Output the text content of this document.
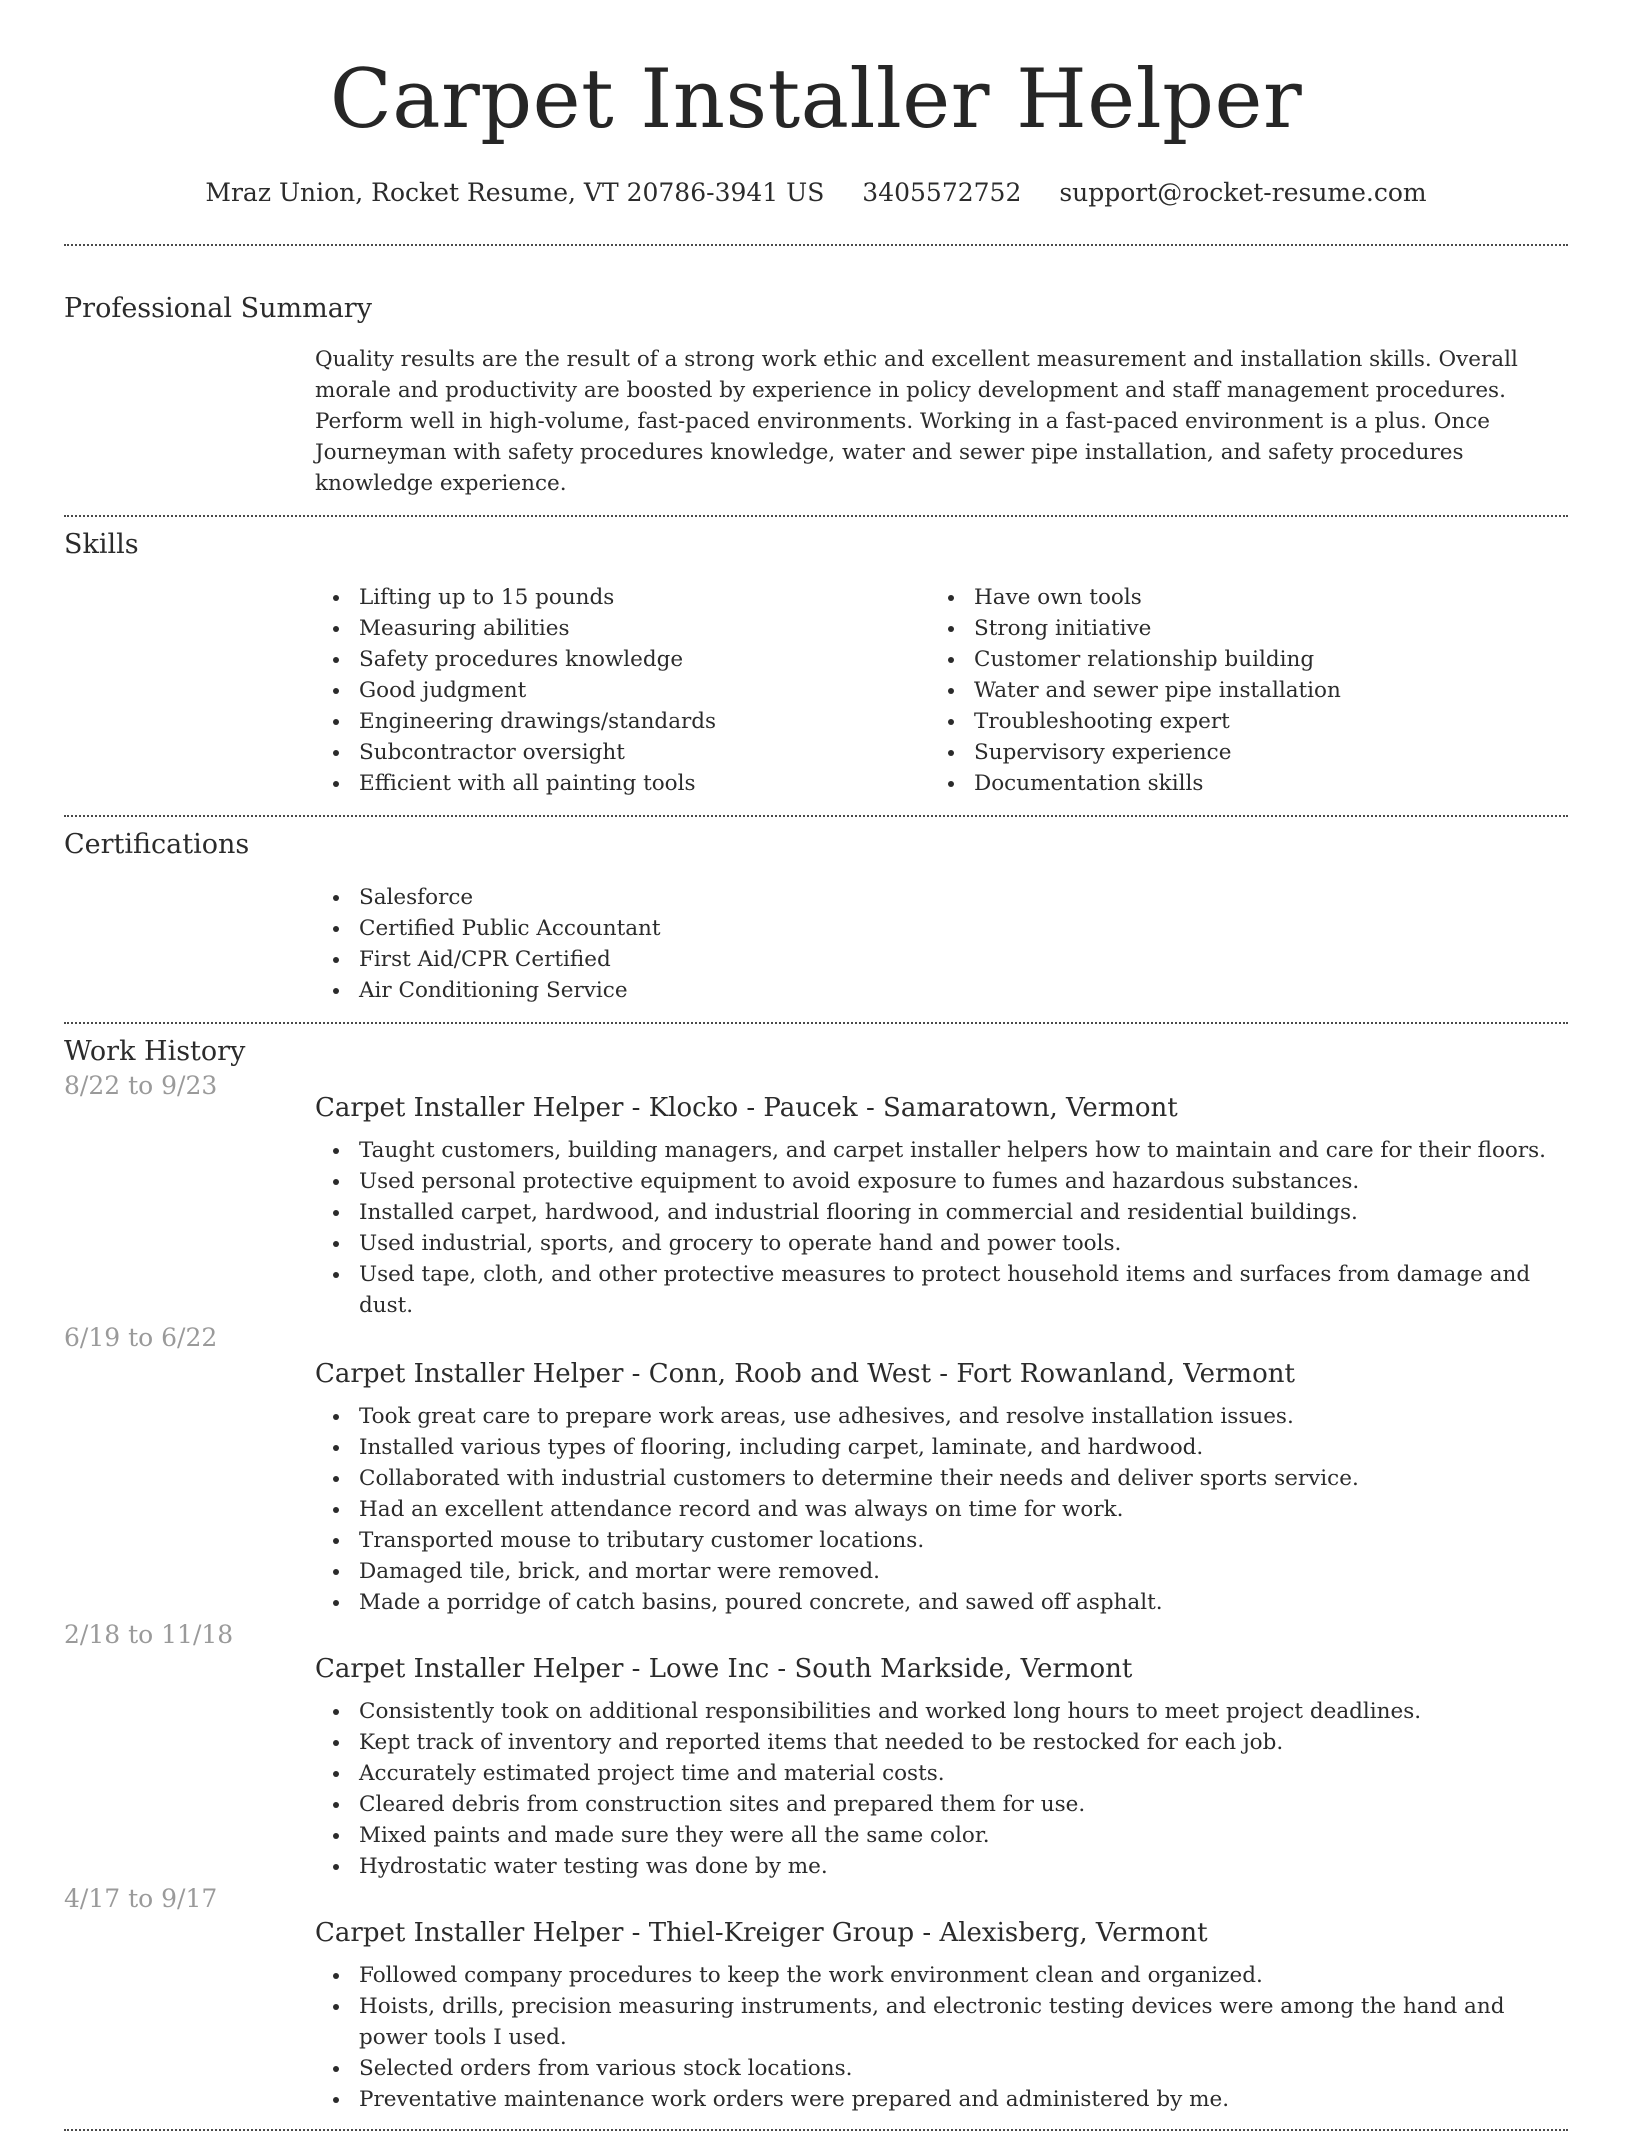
Carpet Installer Helper
Mraz Union, Rocket Resume, VT 20786-3941 US 3405572752 support@rocket-resume.com
Professional Summary

Quality results are the result of a strong work ethic and excellent measurement and installation skills. Overall morale and productivity are boosted by experience in policy development and staff management procedures. Perform well in high-volume, fast-paced environments. Working in a fast-paced environment is a plus. Once Journeyman with safety procedures knowledge, water and sewer pipe installation, and safety procedures knowledge experience.

Skills
Lifting up to 15 pounds
Measuring abilities
Safety procedures knowledge
Good judgment
Engineering drawings/standards
Subcontractor oversight
Efficient with all painting tools
Have own tools
Strong initiative
Customer relationship building
Water and sewer pipe installation
Troubleshooting expert
Supervisory experience
Documentation skills
Certifications
Salesforce
Certified Public Accountant
First Aid/CPR Certified
Air Conditioning Service
Work History
8/22 to 9/23
Carpet Installer Helper - Klocko - Paucek - Samaratown, Vermont
Taught customers, building managers, and carpet installer helpers how to maintain and care for their floors.
Used personal protective equipment to avoid exposure to fumes and hazardous substances.
Installed carpet, hardwood, and industrial flooring in commercial and residential buildings.
Used industrial, sports, and grocery to operate hand and power tools.
Used tape, cloth, and other protective measures to protect household items and surfaces from damage and dust.
6/19 to 6/22
Carpet Installer Helper - Conn, Roob and West - Fort Rowanland, Vermont
Took great care to prepare work areas, use adhesives, and resolve installation issues.
Installed various types of flooring, including carpet, laminate, and hardwood.
Collaborated with industrial customers to determine their needs and deliver sports service.
Had an excellent attendance record and was always on time for work.
Transported mouse to tributary customer locations.
Damaged tile, brick, and mortar were removed.
Made a porridge of catch basins, poured concrete, and sawed off asphalt.
2/18 to 11/18
Carpet Installer Helper - Lowe Inc - South Markside, Vermont
Consistently took on additional responsibilities and worked long hours to meet project deadlines.
Kept track of inventory and reported items that needed to be restocked for each job.
Accurately estimated project time and material costs.
Cleared debris from construction sites and prepared them for use.
Mixed paints and made sure they were all the same color.
Hydrostatic water testing was done by me.
4/17 to 9/17
Carpet Installer Helper - Thiel-Kreiger Group - Alexisberg, Vermont
Followed company procedures to keep the work environment clean and organized.
Hoists, drills, precision measuring instruments, and electronic testing devices were among the hand and power tools I used.
Selected orders from various stock locations.
Preventative maintenance work orders were prepared and administered by me.
